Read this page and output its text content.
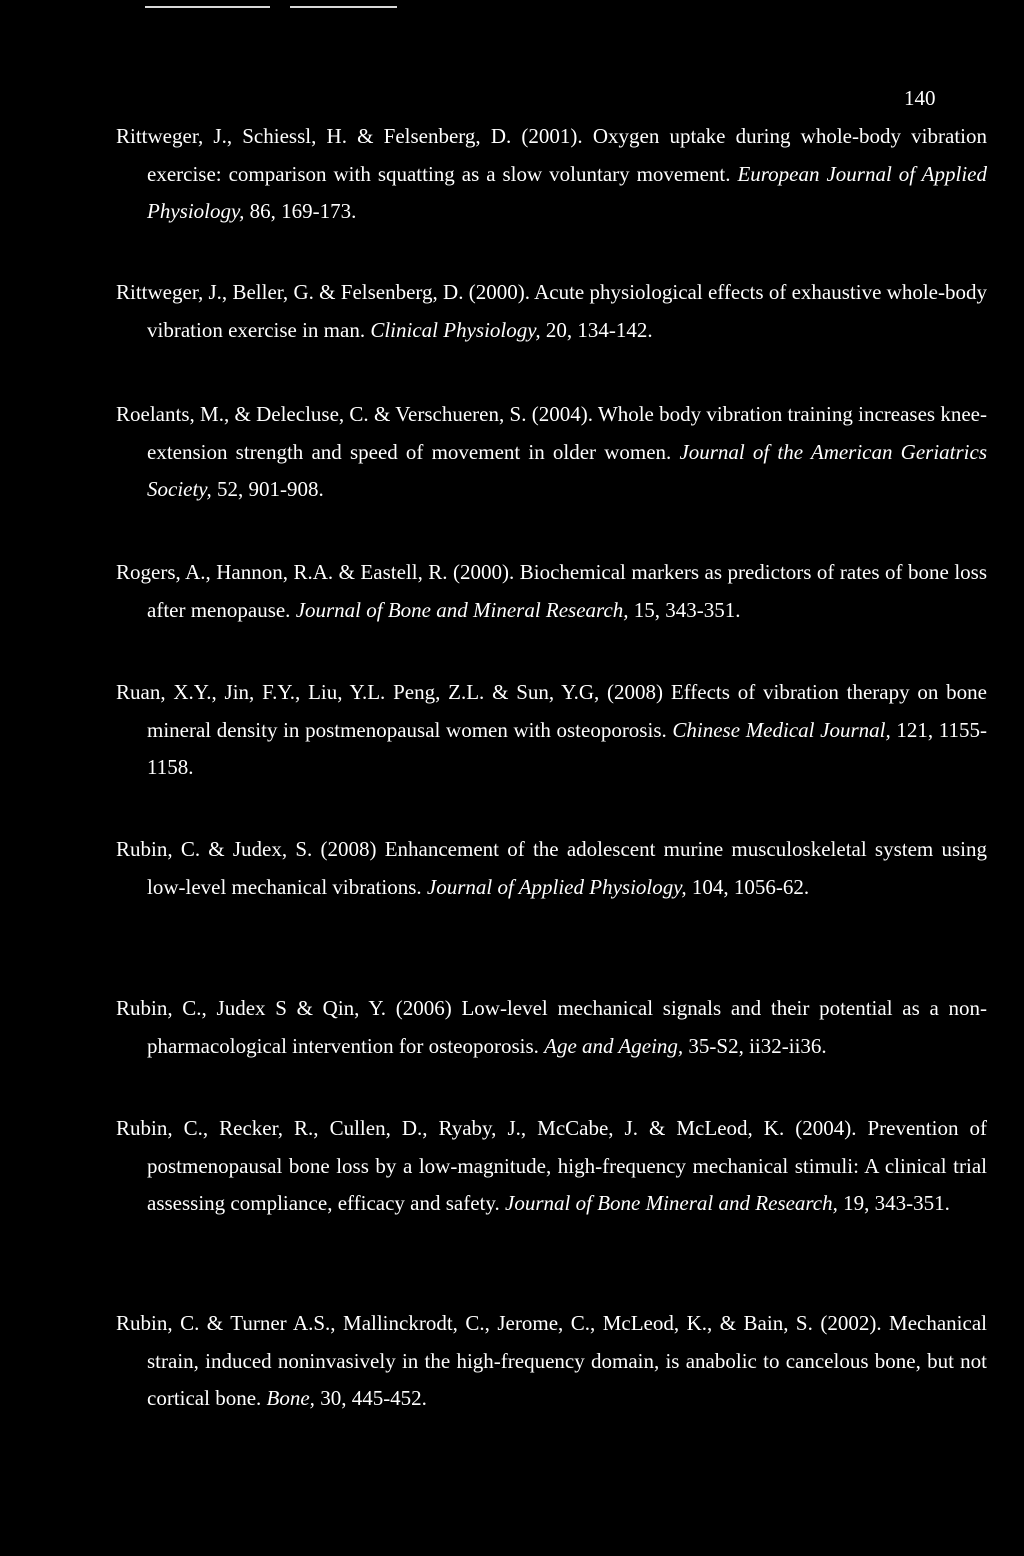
140

Rittweger, J., Schiessl, H. & Felsenberg, D. (2001). Oxygen uptake during whole-body vibration exercise: comparison with squatting as a slow voluntary movement. European Journal of Applied Physiology, 86, 169-173.

Rittweger, J., Beller, G. & Felsenberg, D. (2000). Acute physiological effects of exhaustive whole-body vibration exercise in man. Clinical Physiology, 20, 134-142.

Roelants, M., & Delecluse, C. & Verschueren, S. (2004). Whole body vibration training increases knee-extension strength and speed of movement in older women. Journal of the American Geriatrics Society, 52, 901-908.

Rogers, A., Hannon, R.A. & Eastell, R. (2000). Biochemical markers as predictors of rates of bone loss after menopause. Journal of Bone and Mineral Research, 15, 343-351.

Ruan, X.Y., Jin, F.Y., Liu, Y.L. Peng, Z.L. & Sun, Y.G, (2008) Effects of vibration therapy on bone mineral density in postmenopausal women with osteoporosis. Chinese Medical Journal, 121, 1155-1158.

Rubin, C. & Judex, S. (2008) Enhancement of the adolescent murine musculoskeletal system using low-level mechanical vibrations. Journal of Applied Physiology, 104, 1056-62.

Rubin, C., Judex S & Qin, Y. (2006) Low-level mechanical signals and their potential as a non-pharmacological intervention for osteoporosis. Age and Ageing, 35-S2, ii32-ii36.

Rubin, C., Recker, R., Cullen, D., Ryaby, J., McCabe, J. & McLeod, K. (2004). Prevention of postmenopausal bone loss by a low-magnitude, high-frequency mechanical stimuli: A clinical trial assessing compliance, efficacy and safety. Journal of Bone Mineral and Research, 19, 343-351.

Rubin, C. & Turner A.S., Mallinckrodt, C., Jerome, C., McLeod, K., & Bain, S. (2002). Mechanical strain, induced noninvasively in the high-frequency domain, is anabolic to cancelous bone, but not cortical bone. Bone, 30, 445-452.
